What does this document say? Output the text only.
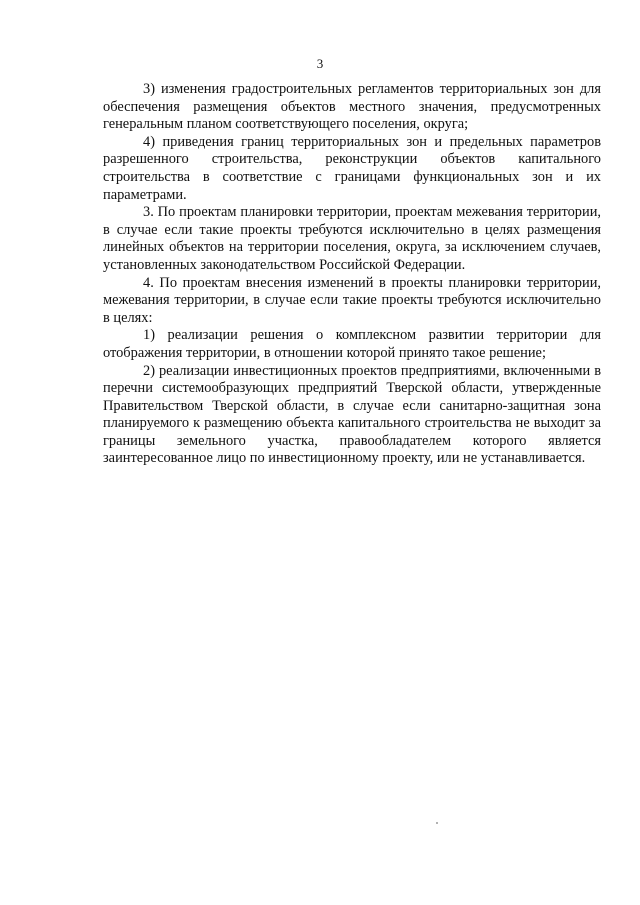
3

3) изменения градостроительных регламентов территориальных зон для обеспечения размещения объектов местного значения, предусмотренных генеральным планом соответствующего поселения, округа;

4) приведения границ территориальных зон и предельных параметров разрешенного строительства, реконструкции объектов капитального строительства в соответствие с границами функциональных зон и их параметрами.

3. По проектам планировки территории, проектам межевания территории, в случае если такие проекты требуются исключительно в целях размещения линейных объектов на территории поселения, округа, за исключением случаев, установленных законодательством Российской Федерации.

4. По проектам внесения изменений в проекты планировки территории, межевания территории, в случае если такие проекты требуются исключительно в целях:

1) реализации решения о комплексном развитии территории для отображения территории, в отношении которой принято такое решение;

2) реализации инвестиционных проектов предприятиями, включенными в перечни системообразующих предприятий Тверской области, утвержденные Правительством Тверской области, в случае если санитарно-защитная зона планируемого к размещению объекта капитального строительства не выходит за границы земельного участка, правообладателем которого является заинтересованное лицо по инвестиционному проекту, или не устанавливается.
